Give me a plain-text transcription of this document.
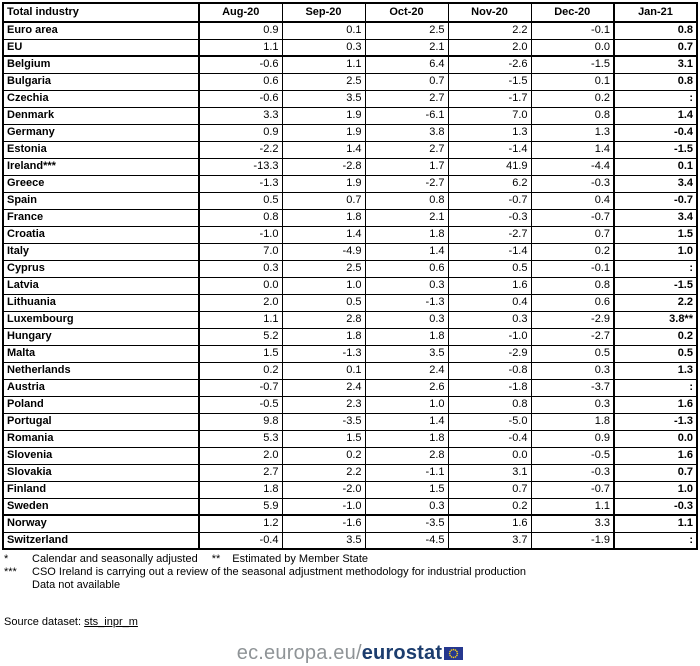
Total industry	Aug-20	Sep-20	Oct-20	Nov-20	Dec-20	Jan-21
Euro area	0.9	0.1	2.5	2.2	-0.1	0.8
EU	1.1	0.3	2.1	2.0	0.0	0.7
Belgium	-0.6	1.1	6.4	-2.6	-1.5	3.1
Bulgaria	0.6	2.5	0.7	-1.5	0.1	0.8
Czechia	-0.6	3.5	2.7	-1.7	0.2	:
Denmark	3.3	1.9	-6.1	7.0	0.8	1.4
Germany	0.9	1.9	3.8	1.3	1.3	-0.4
Estonia	-2.2	1.4	2.7	-1.4	1.4	-1.5
Ireland***	-13.3	-2.8	1.7	41.9	-4.4	0.1
Greece	-1.3	1.9	-2.7	6.2	-0.3	3.4
Spain	0.5	0.7	0.8	-0.7	0.4	-0.7
France	0.8	1.8	2.1	-0.3	-0.7	3.4
Croatia	-1.0	1.4	1.8	-2.7	0.7	1.5
Italy	7.0	-4.9	1.4	-1.4	0.2	1.0
Cyprus	0.3	2.5	0.6	0.5	-0.1	:
Latvia	0.0	1.0	0.3	1.6	0.8	-1.5
Lithuania	2.0	0.5	-1.3	0.4	0.6	2.2
Luxembourg	1.1	2.8	0.3	0.3	-2.9	3.8**
Hungary	5.2	1.8	1.8	-1.0	-2.7	0.2
Malta	1.5	-1.3	3.5	-2.9	0.5	0.5
Netherlands	0.2	0.1	2.4	-0.8	0.3	1.3
Austria	-0.7	2.4	2.6	-1.8	-3.7	:
Poland	-0.5	2.3	1.0	0.8	0.3	1.6
Portugal	9.8	-3.5	1.4	-5.0	1.8	-1.3
Romania	5.3	1.5	1.8	-0.4	0.9	0.0
Slovenia	2.0	0.2	2.8	0.0	-0.5	1.6
Slovakia	2.7	2.2	-1.1	3.1	-0.3	0.7
Finland	1.8	-2.0	1.5	0.7	-0.7	1.0
Sweden	5.9	-1.0	0.3	0.2	1.1	-0.3
Norway	1.2	-1.6	-3.5	1.6	3.3	1.1
Switzerland	-0.4	3.5	-4.5	3.7	-1.9	:
*	Calendar and seasonally adjusted ** Estimated by Member State
***	CSO Ireland is carrying out a review of the seasonal adjustment methodology for industrial production
Data not available
Source dataset: sts_inpr_m
ec.europa.eu/eurostat
